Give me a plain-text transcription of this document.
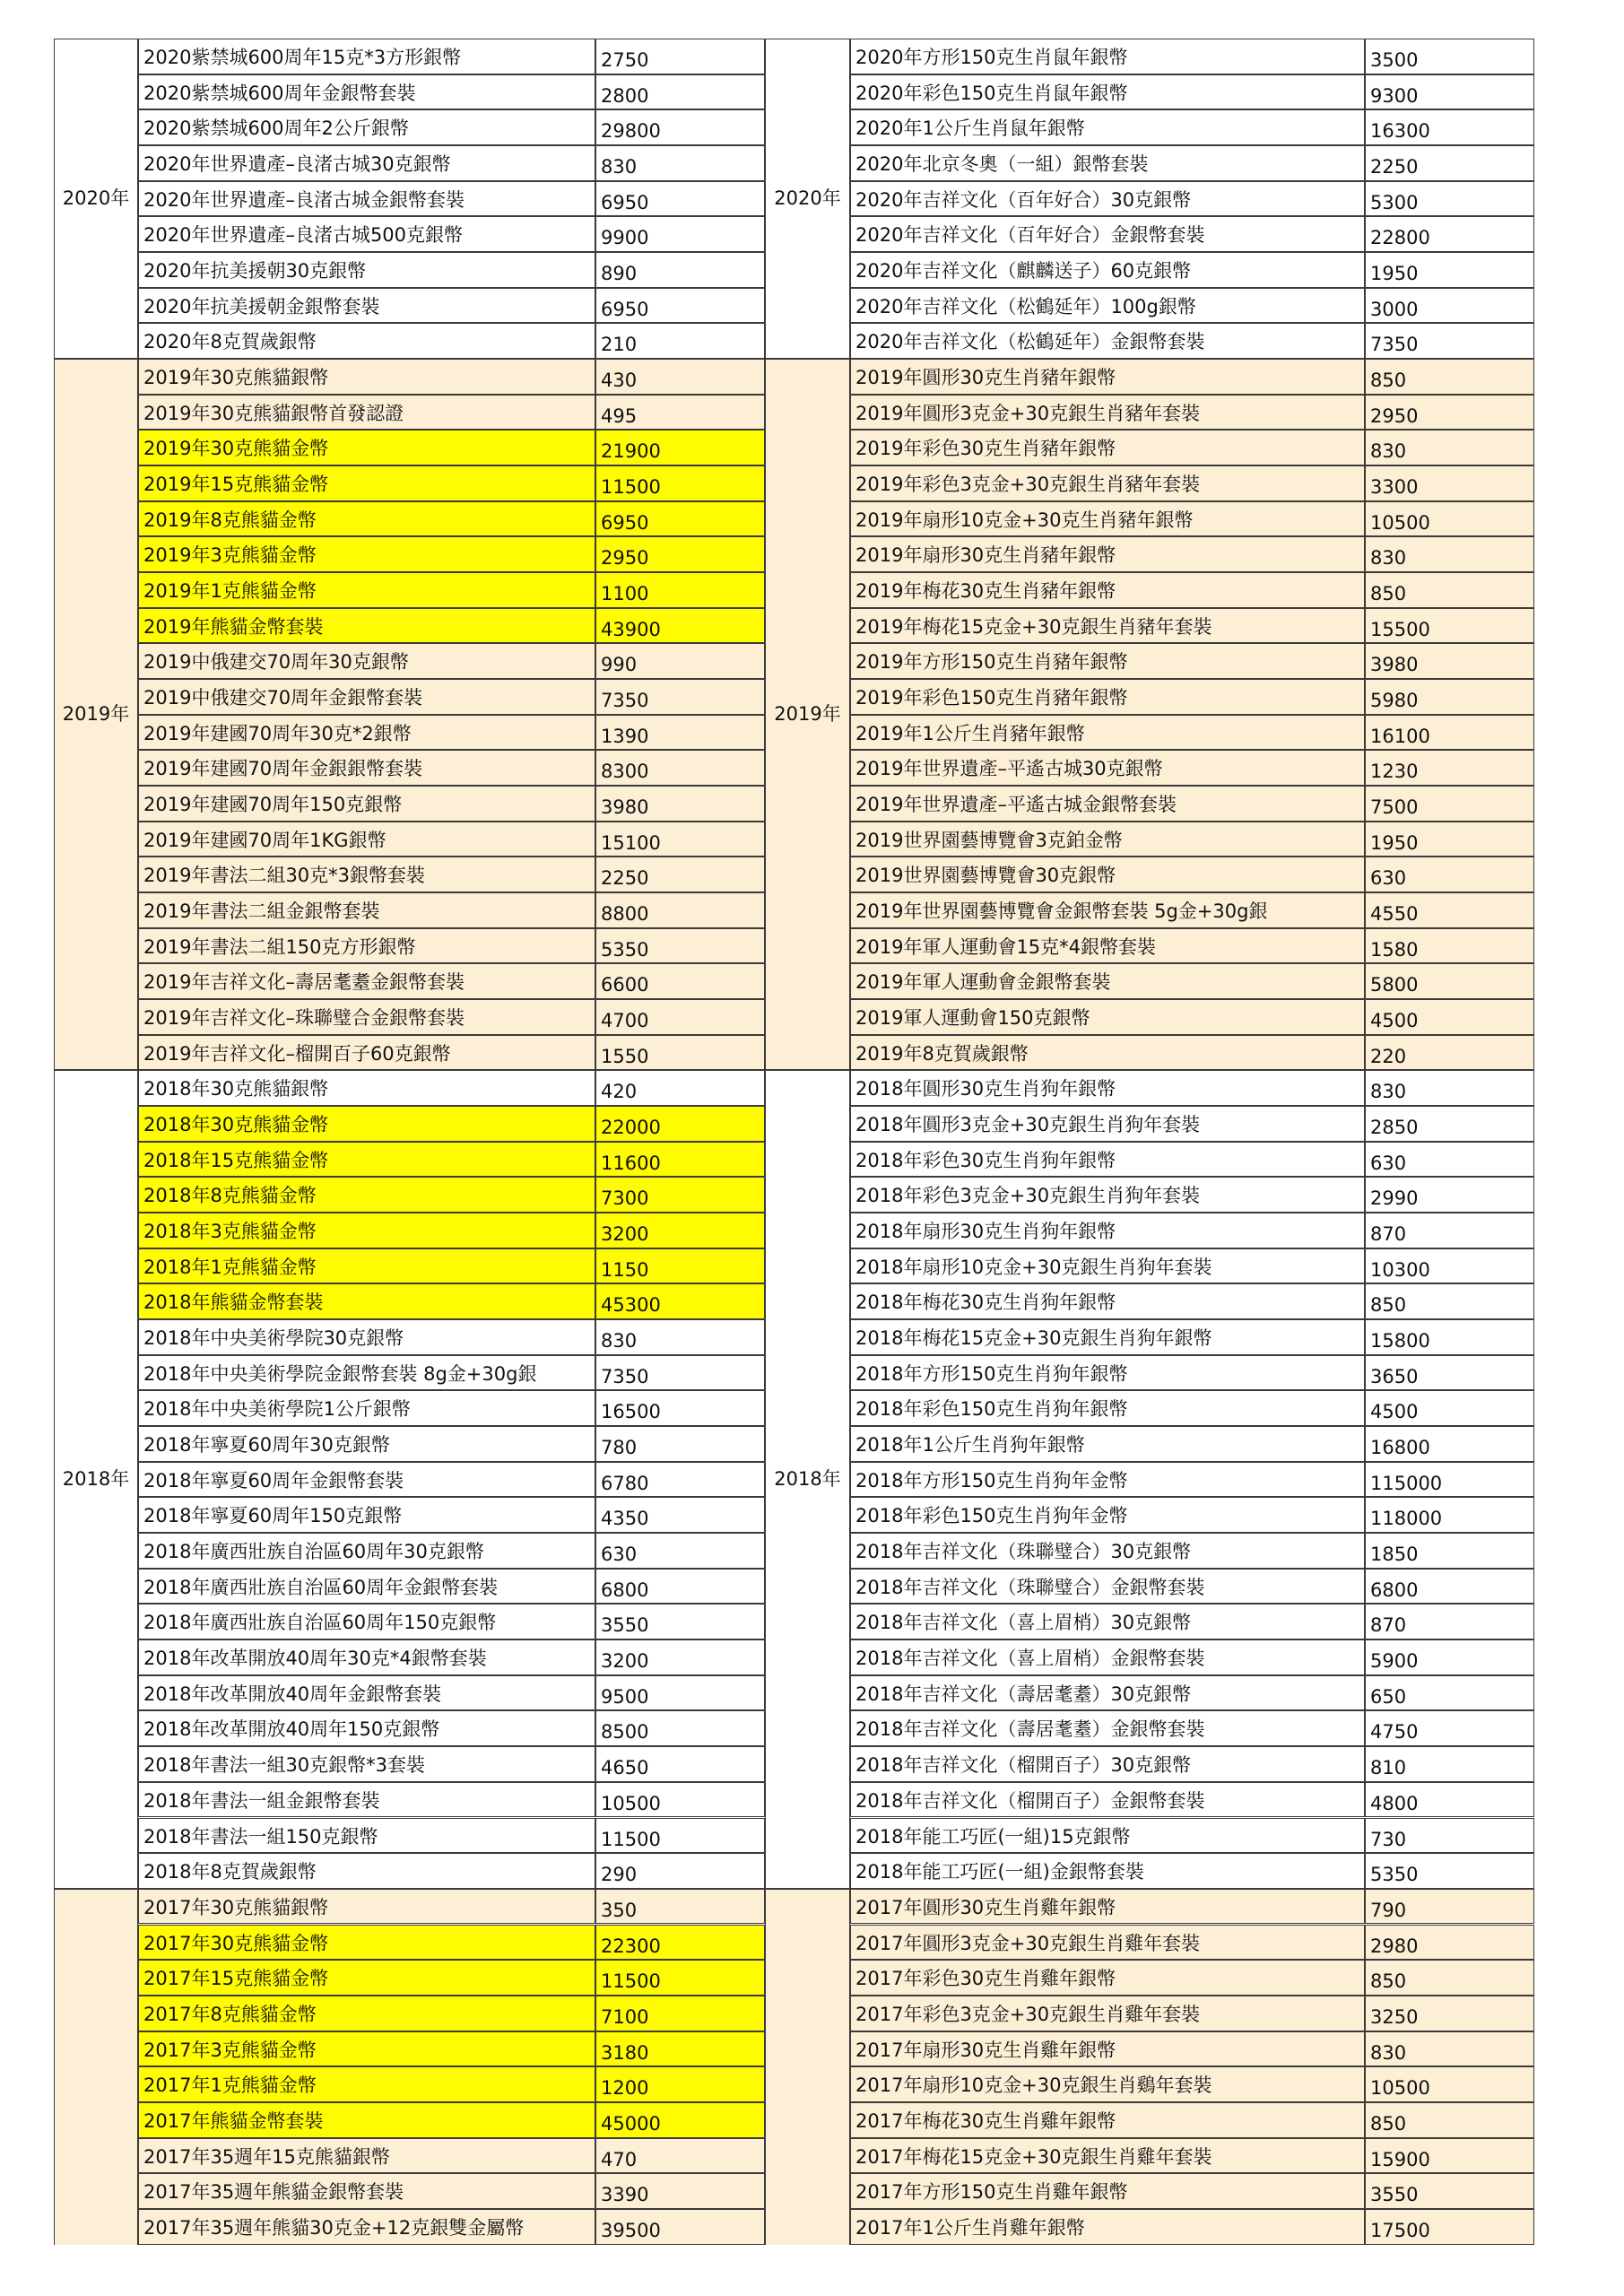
2020年
2020紫禁城600周年15克*3方形銀幣	2750
2020紫禁城600周年金銀幣套裝	2800
2020紫禁城600周年2公斤銀幣	29800
2020年世界遺產–良渚古城30克銀幣	830
2020年世界遺產–良渚古城金銀幣套裝	6950
2020年世界遺產–良渚古城500克銀幣	9900
2020年抗美援朝30克銀幣	890
2020年抗美援朝金銀幣套裝	6950
2020年8克賀歲銀幣	210
2019年
2019年30克熊貓銀幣	430
2019年30克熊貓銀幣首發認證	495
2019年30克熊貓金幣	21900
2019年15克熊貓金幣	11500
2019年8克熊貓金幣	6950
2019年3克熊貓金幣	2950
2019年1克熊貓金幣	1100
2019年熊貓金幣套裝	43900
2019中俄建交70周年30克銀幣	990
2019中俄建交70周年金銀幣套裝	7350
2019年建國70周年30克*2銀幣	1390
2019年建國70周年金銀銀幣套裝	8300
2019年建國70周年150克銀幣	3980
2019年建國70周年1KG銀幣	15100
2019年書法二組30克*3銀幣套裝	2250
2019年書法二組金銀幣套裝	8800
2019年書法二組150克方形銀幣	5350
2019年吉祥文化–壽居耄耋金銀幣套裝	6600
2019年吉祥文化–珠聯璧合金銀幣套裝	4700
2019年吉祥文化–榴開百子60克銀幣	1550
2018年
2018年30克熊貓銀幣	420
2018年30克熊貓金幣	22000
2018年15克熊貓金幣	11600
2018年8克熊貓金幣	7300
2018年3克熊貓金幣	3200
2018年1克熊貓金幣	1150
2018年熊貓金幣套裝	45300
2018年中央美術學院30克銀幣	830
2018年中央美術學院金銀幣套裝 8g金+30g銀	7350
2018年中央美術學院1公斤銀幣	16500
2018年寧夏60周年30克銀幣	780
2018年寧夏60周年金銀幣套裝	6780
2018年寧夏60周年150克銀幣	4350
2018年廣西壯族自治區60周年30克銀幣	630
2018年廣西壯族自治區60周年金銀幣套裝	6800
2018年廣西壯族自治區60周年150克銀幣	3550
2018年改革開放40周年30克*4銀幣套裝	3200
2018年改革開放40周年金銀幣套裝	9500
2018年改革開放40周年150克銀幣	8500
2018年書法一組30克銀幣*3套裝	4650
2018年書法一組金銀幣套裝	10500
2018年書法一組150克銀幣	11500
2018年8克賀歲銀幣	290
2017年30克熊貓銀幣	350
2017年30克熊貓金幣	22300
2017年15克熊貓金幣	11500
2017年8克熊貓金幣	7100
2017年3克熊貓金幣	3180
2017年1克熊貓金幣	1200
2017年熊貓金幣套裝	45000
2017年35週年15克熊貓銀幣	470
2017年35週年熊貓金銀幣套裝	3390
2017年35週年熊貓30克金+12克銀雙金屬幣	39500
2020年
2020年方形150克生肖鼠年銀幣	3500
2020年彩色150克生肖鼠年銀幣	9300
2020年1公斤生肖鼠年銀幣	16300
2020年北京冬奧（一組）銀幣套裝	2250
2020年吉祥文化（百年好合）30克銀幣	5300
2020年吉祥文化（百年好合）金銀幣套裝	22800
2020年吉祥文化（麒麟送子）60克銀幣	1950
2020年吉祥文化（松鶴延年）100g銀幣	3000
2020年吉祥文化（松鶴延年）金銀幣套裝	7350
2019年
2019年圓形30克生肖豬年銀幣	850
2019年圓形3克金+30克銀生肖豬年套裝	2950
2019年彩色30克生肖豬年銀幣	830
2019年彩色3克金+30克銀生肖豬年套裝	3300
2019年扇形10克金+30克生肖豬年銀幣	10500
2019年扇形30克生肖豬年銀幣	830
2019年梅花30克生肖豬年銀幣	850
2019年梅花15克金+30克銀生肖豬年套裝	15500
2019年方形150克生肖豬年銀幣	3980
2019年彩色150克生肖豬年銀幣	5980
2019年1公斤生肖豬年銀幣	16100
2019年世界遺產–平遙古城30克銀幣	1230
2019年世界遺產–平遙古城金銀幣套裝	7500
2019世界園藝博覽會3克鉑金幣	1950
2019世界園藝博覽會30克銀幣	630
2019年世界園藝博覽會金銀幣套裝 5g金+30g銀	4550
2019年軍人運動會15克*4銀幣套裝	1580
2019年軍人運動會金銀幣套裝	5800
2019軍人運動會150克銀幣	4500
2019年8克賀歲銀幣	220
2018年
2018年圓形30克生肖狗年銀幣	830
2018年圓形3克金+30克銀生肖狗年套裝	2850
2018年彩色30克生肖狗年銀幣	630
2018年彩色3克金+30克銀生肖狗年套裝	2990
2018年扇形30克生肖狗年銀幣	870
2018年扇形10克金+30克銀生肖狗年套裝	10300
2018年梅花30克生肖狗年銀幣	850
2018年梅花15克金+30克銀生肖狗年銀幣	15800
2018年方形150克生肖狗年銀幣	3650
2018年彩色150克生肖狗年銀幣	4500
2018年1公斤生肖狗年銀幣	16800
2018年方形150克生肖狗年金幣	115000
2018年彩色150克生肖狗年金幣	118000
2018年吉祥文化（珠聯璧合）30克銀幣	1850
2018年吉祥文化（珠聯璧合）金銀幣套裝	6800
2018年吉祥文化（喜上眉梢）30克銀幣	870
2018年吉祥文化（喜上眉梢）金銀幣套裝	5900
2018年吉祥文化（壽居耄耋）30克銀幣	650
2018年吉祥文化（壽居耄耋）金銀幣套裝	4750
2018年吉祥文化（榴開百子）30克銀幣	810
2018年吉祥文化（榴開百子）金銀幣套裝	4800
2018年能工巧匠(一組)15克銀幣	730
2018年能工巧匠(一組)金銀幣套裝	5350
2017年圓形30克生肖雞年銀幣	790
2017年圓形3克金+30克銀生肖雞年套裝	2980
2017年彩色30克生肖雞年銀幣	850
2017年彩色3克金+30克銀生肖雞年套裝	3250
2017年扇形30克生肖雞年銀幣	830
2017年扇形10克金+30克銀生肖鷄年套裝	10500
2017年梅花30克生肖雞年銀幣	850
2017年梅花15克金+30克銀生肖雞年套裝	15900
2017年方形150克生肖雞年銀幣	3550
2017年1公斤生肖雞年銀幣	17500
